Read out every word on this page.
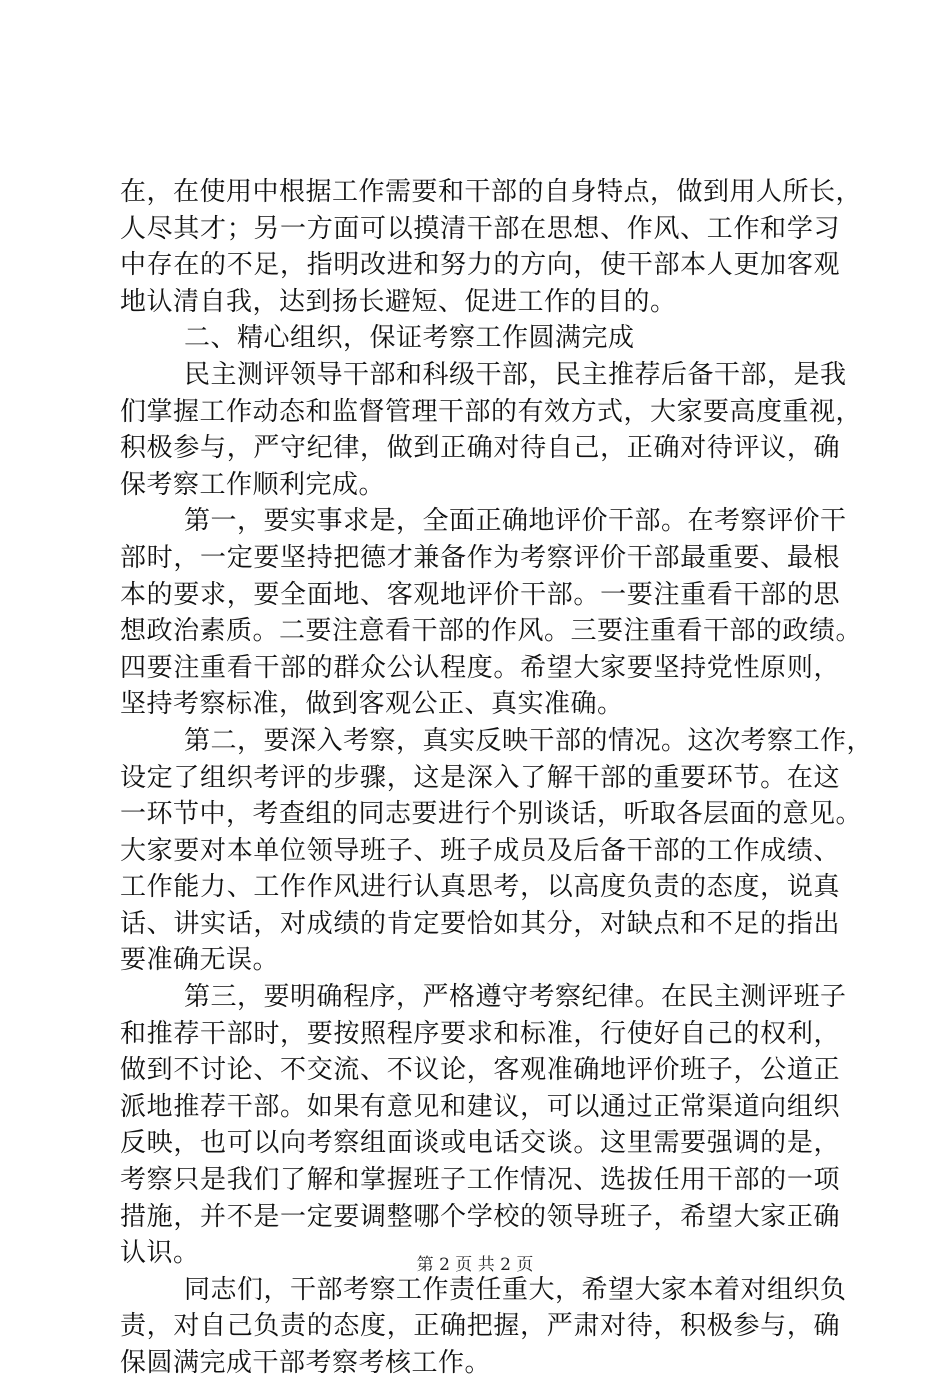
在，在使用中根据工作需要和干部的自身特点，做到用人所长，
人尽其才；另一方面可以摸清干部在思想、作风、工作和学习
中存在的不足，指明改进和努力的方向，使干部本人更加客观
地认清自我，达到扬长避短、促进工作的目的。
二、精心组织，保证考察工作圆满完成
民主测评领导干部和科级干部，民主推荐后备干部，是我
们掌握工作动态和监督管理干部的有效方式，大家要高度重视，
积极参与，严守纪律，做到正确对待自己，正确对待评议，确
保考察工作顺利完成。
第一，要实事求是，全面正确地评价干部。在考察评价干
部时，一定要坚持把德才兼备作为考察评价干部最重要、最根
本的要求，要全面地、客观地评价干部。一要注重看干部的思
想政治素质。二要注意看干部的作风。三要注重看干部的政绩。
四要注重看干部的群众公认程度。希望大家要坚持党性原则，
坚持考察标准，做到客观公正、真实准确。
第二，要深入考察，真实反映干部的情况。这次考察工作，
设定了组织考评的步骤，这是深入了解干部的重要环节。在这
一环节中，考查组的同志要进行个别谈话，听取各层面的意见。
大家要对本单位领导班子、班子成员及后备干部的工作成绩、
工作能力、工作作风进行认真思考，以高度负责的态度，说真
话、讲实话，对成绩的肯定要恰如其分，对缺点和不足的指出
要准确无误。
第三，要明确程序，严格遵守考察纪律。在民主测评班子
和推荐干部时，要按照程序要求和标准，行使好自己的权利，
做到不讨论、不交流、不议论，客观准确地评价班子，公道正
派地推荐干部。如果有意见和建议，可以通过正常渠道向组织
反映，也可以向考察组面谈或电话交谈。这里需要强调的是，
考察只是我们了解和掌握班子工作情况、选拔任用干部的一项
措施，并不是一定要调整哪个学校的领导班子，希望大家正确
认识。
同志们，干部考察工作责任重大，希望大家本着对组织负
责，对自己负责的态度，正确把握，严肃对待，积极参与，确
保圆满完成干部考察考核工作。
第 2 页 共 2 页
